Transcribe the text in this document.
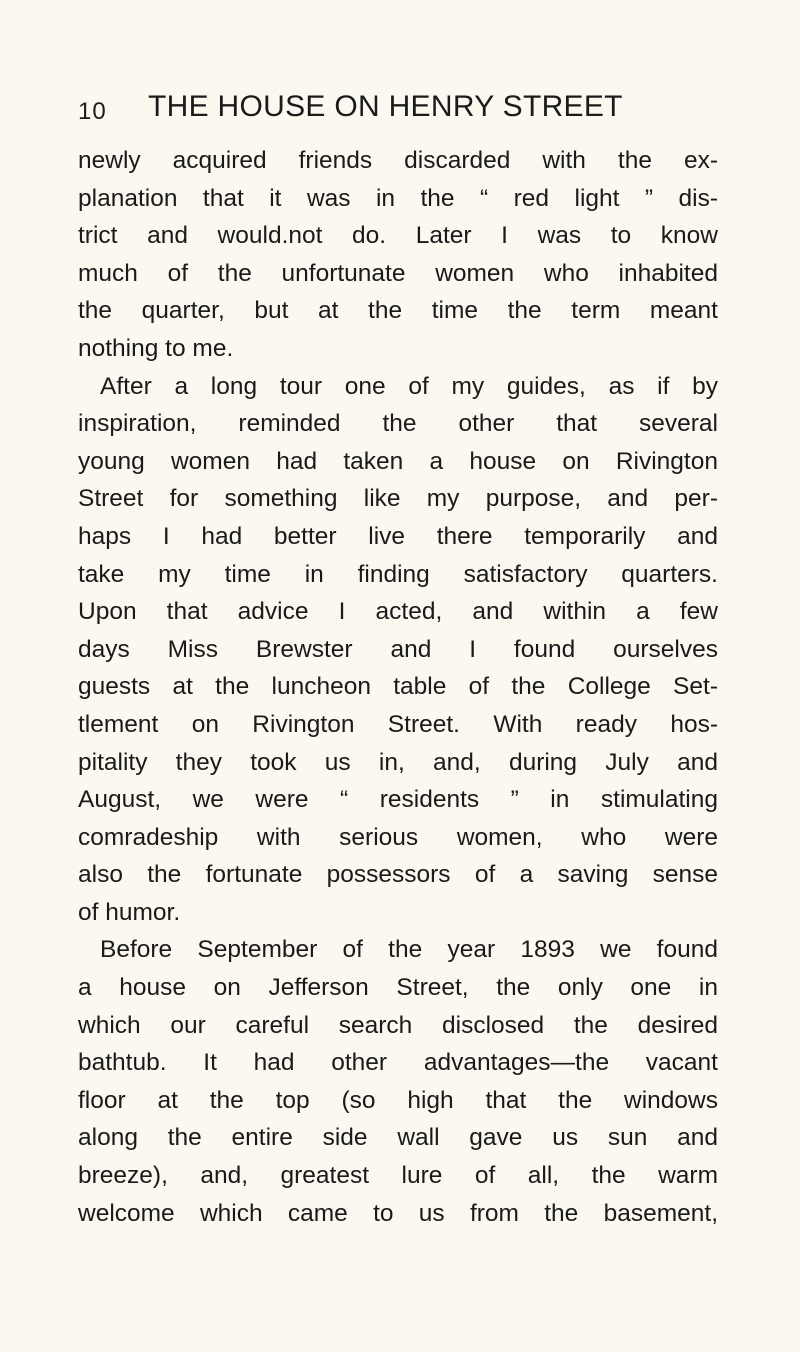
10 THE HOUSE ON HENRY STREET
newly acquired friends discarded with the ex-
planation that it was in the “ red light ” dis-
trict and would.not do. Later I was to know
much of the unfortunate women who inhabited
the quarter, but at the time the term meant
nothing to me.
After a long tour one of my guides, as if by
inspiration, reminded the other that several
young women had taken a house on Rivington
Street for something like my purpose, and per-
haps I had better live there temporarily and
take my time in finding satisfactory quarters.
Upon that advice I acted, and within a few
days Miss Brewster and I found ourselves
guests at the luncheon table of the College Set-
tlement on Rivington Street. With ready hos-
pitality they took us in, and, during July and
August, we were “ residents ” in stimulating
comradeship with serious women, who were
also the fortunate possessors of a saving sense
of humor.
Before September of the year 1893 we found
a house on Jefferson Street, the only one in
which our careful search disclosed the desired
bathtub. It had other advantages—the vacant
floor at the top (so high that the windows
along the entire side wall gave us sun and
breeze), and, greatest lure of all, the warm
welcome which came to us from the basement,
